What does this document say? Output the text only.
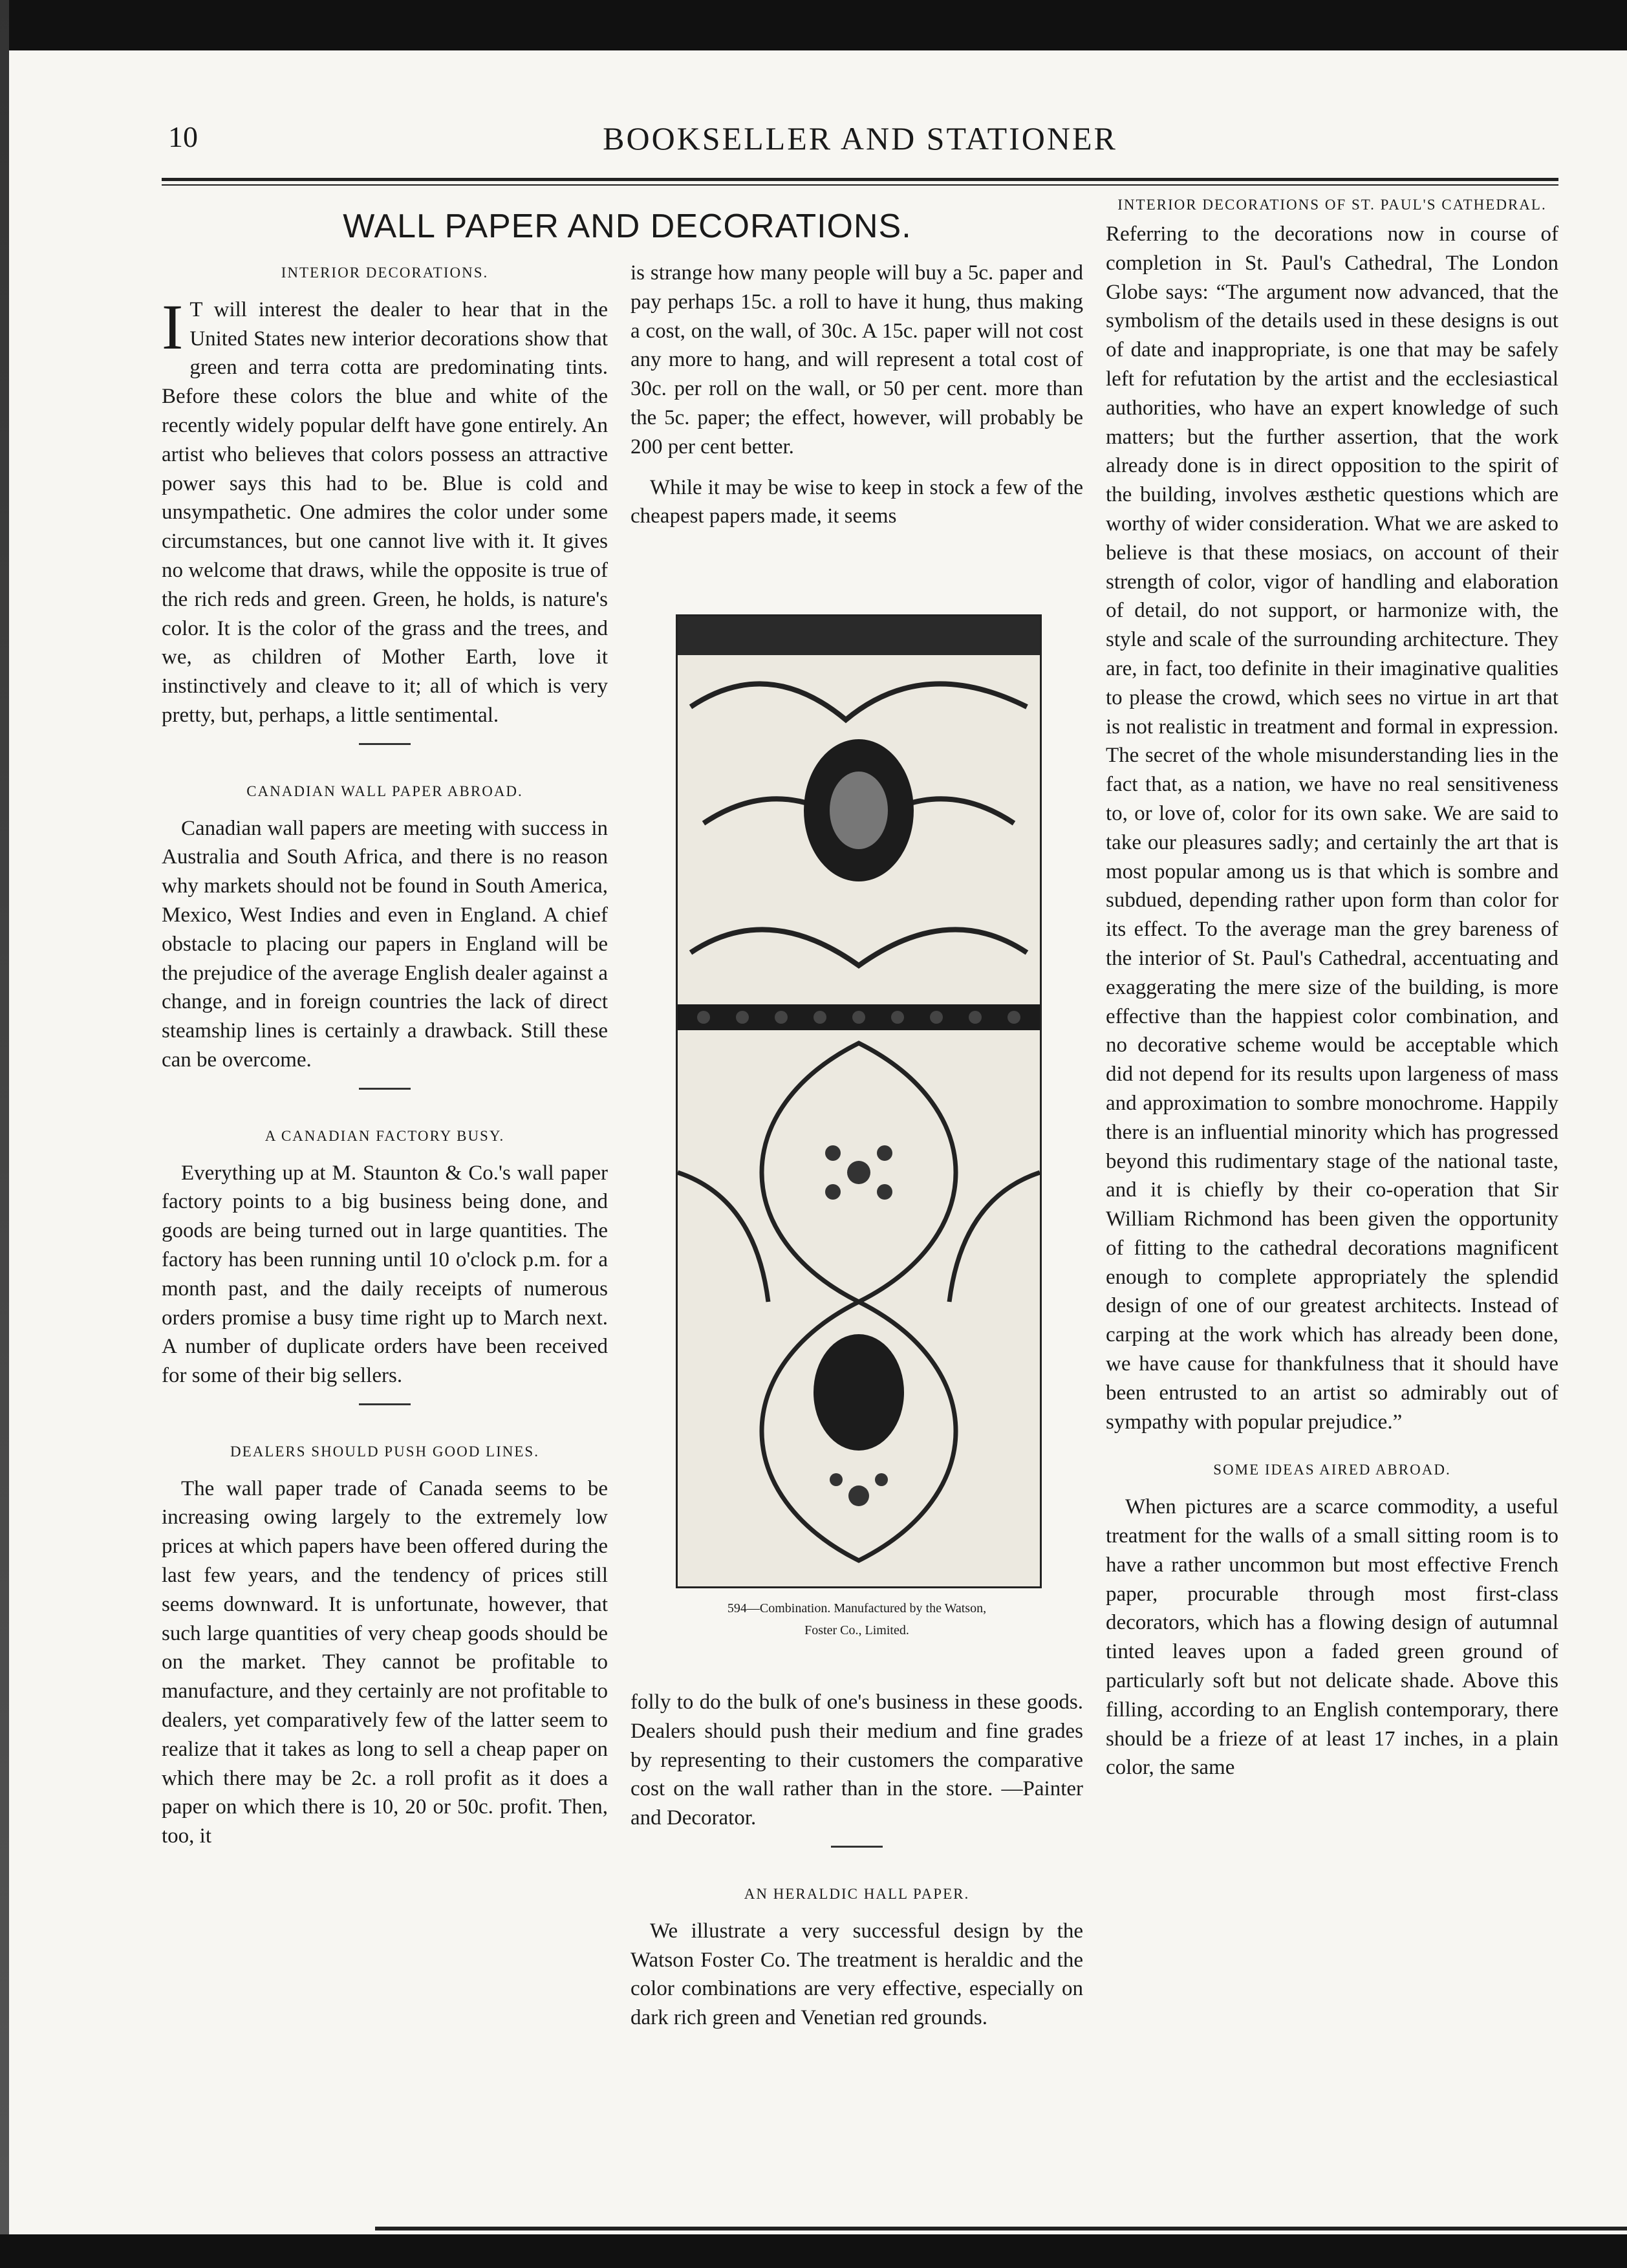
10	BOOKSELLER AND STATIONER
WALL PAPER AND DECORATIONS.
INTERIOR DECORATIONS.

I T will interest the dealer to hear that in the United States new interior decorations show that green and terra cotta are predominating tints. Before these colors the blue and white of the recently widely popular delft have gone entirely. An artist who believes that colors possess an attractive power says this had to be. Blue is cold and unsympathetic. One admires the color under some circumstances, but one cannot live with it. It gives no welcome that draws, while the opposite is true of the rich reds and green. Green, he holds, is nature's color. It is the color of the grass and the trees, and we, as children of Mother Earth, love it instinctively and cleave to it; all of which is very pretty, but, perhaps, a little sentimental.

CANADIAN WALL PAPER ABROAD.

Canadian wall papers are meeting with success in Australia and South Africa, and there is no reason why markets should not be found in South America, Mexico, West Indies and even in England. A chief obstacle to placing our papers in England will be the prejudice of the average English dealer against a change, and in foreign countries the lack of direct steamship lines is certainly a drawback. Still these can be overcome.

A CANADIAN FACTORY BUSY.

Everything up at M. Staunton & Co.'s wall paper factory points to a big business being done, and goods are being turned out in large quantities. The factory has been running until 10 o'clock p.m. for a month past, and the daily receipts of numerous orders promise a busy time right up to March next. A number of duplicate orders have been received for some of their big sellers.

DEALERS SHOULD PUSH GOOD LINES.

The wall paper trade of Canada seems to be increasing owing largely to the extremely low prices at which papers have been offered during the last few years, and the tendency of prices still seems downward. It is unfortunate, however, that such large quantities of very cheap goods should be on the market. They cannot be profitable to manufacture, and they certainly are not profitable to dealers, yet comparatively few of the latter seem to realize that it takes as long to sell a cheap paper on which there may be 2c. a roll profit as it does a paper on which there is 10, 20 or 50c. profit. Then, too, it

is strange how many people will buy a 5c. paper and pay perhaps 15c. a roll to have it hung, thus making a cost, on the wall, of 30c. A 15c. paper will not cost any more to hang, and will represent a total cost of 30c. per roll on the wall, or 50 per cent. more than the 5c. paper; the effect, however, will probably be 200 per cent better.

While it may be wise to keep in stock a few of the cheapest papers made, it seems

594—Combination. Manufactured by the Watson,
Foster Co., Limited.

folly to do the bulk of one's business in these goods. Dealers should push their medium and fine grades by representing to their customers the comparative cost on the wall rather than in the store. —Painter and Decorator.

AN HERALDIC HALL PAPER.

We illustrate a very successful design by the Watson Foster Co. The treatment is heraldic and the color combinations are very effective, especially on dark rich green and Venetian red grounds.

INTERIOR DECORATIONS OF ST. PAUL'S CATHEDRAL.

Referring to the decorations now in course of completion in St. Paul's Cathedral, The London Globe says: “The argument now advanced, that the symbolism of the details used in these designs is out of date and inappropriate, is one that may be safely left for refutation by the artist and the ecclesiastical authorities, who have an expert knowledge of such matters; but the further assertion, that the work already done is in direct opposition to the spirit of the building, involves æsthetic questions which are worthy of wider consideration. What we are asked to believe is that these mosiacs, on account of their strength of color, vigor of handling and elaboration of detail, do not support, or harmonize with, the style and scale of the surrounding architecture. They are, in fact, too definite in their imaginative qualities to please the crowd, which sees no virtue in art that is not realistic in treatment and formal in expression. The secret of the whole misunderstanding lies in the fact that, as a nation, we have no real sensitiveness to, or love of, color for its own sake. We are said to take our pleasures sadly; and certainly the art that is most popular among us is that which is sombre and subdued, depending rather upon form than color for its effect. To the average man the grey bareness of the interior of St. Paul's Cathedral, accentuating and exaggerating the mere size of the building, is more effective than the happiest color combination, and no decorative scheme would be acceptable which did not depend for its results upon largeness of mass and approximation to sombre monochrome. Happily there is an influential minority which has progressed beyond this rudimentary stage of the national taste, and it is chiefly by their co-operation that Sir William Richmond has been given the opportunity of fitting to the cathedral decorations magnificent enough to complete appropriately the splendid design of one of our greatest architects. Instead of carping at the work which has already been done, we have cause for thankfulness that it should have been entrusted to an artist so admirably out of sympathy with popular prejudice.”

SOME IDEAS AIRED ABROAD.

When pictures are a scarce commodity, a useful treatment for the walls of a small sitting room is to have a rather uncommon but most effective French paper, procurable through most first-class decorators, which has a flowing design of autumnal tinted leaves upon a faded green ground of particularly soft but not delicate shade. Above this filling, according to an English contemporary, there should be a frieze of at least 17 inches, in a plain color, the same
